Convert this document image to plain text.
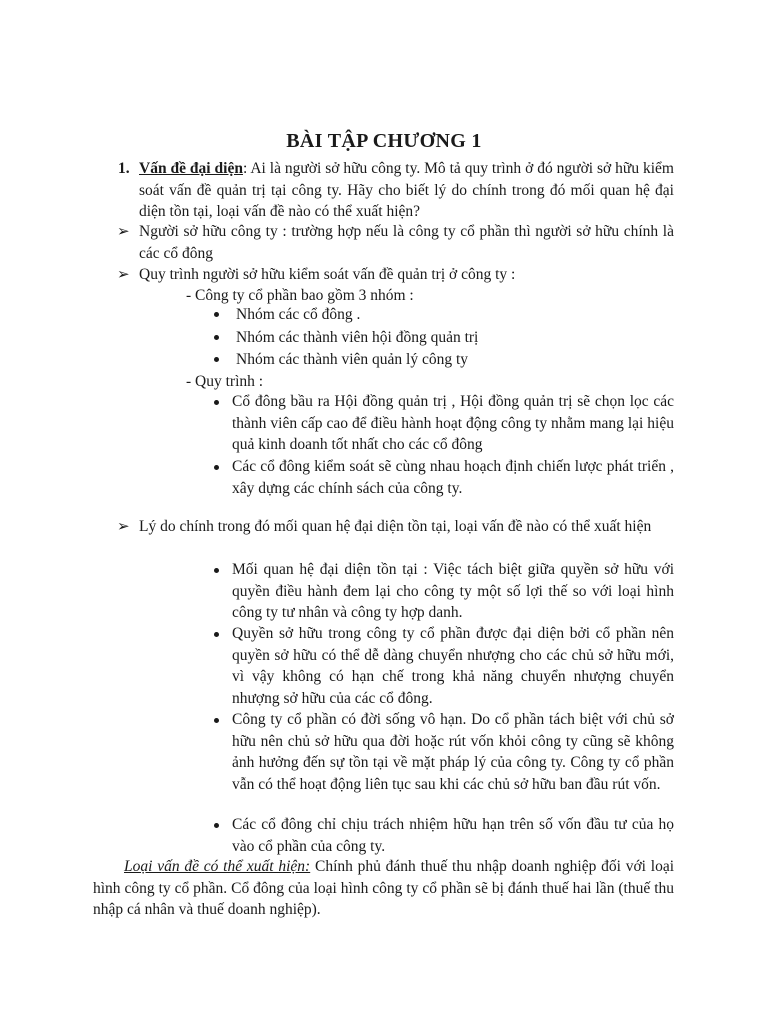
BÀI TẬP CHƯƠNG 1
1. Vấn đề đại diện: Ai là người sở hữu công ty. Mô tả quy trình ở đó người sở hữu kiểm soát vấn đề quản trị tại công ty. Hãy cho biết lý do chính trong đó mối quan hệ đại diện tồn tại, loại vấn đề nào có thể xuất hiện?
➢ Người sở hữu công ty : trường hợp nếu là công ty cổ phần thì người sở hữu chính là các cổ đông
➢ Quy trình người sở hữu kiểm soát vấn đề quản trị ở công ty :
- Công ty cổ phần bao gồm 3 nhóm :
Nhóm các cổ đông .
Nhóm các thành viên hội đồng quản trị
Nhóm các thành viên quản lý công ty
- Quy trình :
Cổ đông bầu ra Hội đồng quản trị , Hội đồng quản trị sẽ chọn lọc các thành viên cấp cao để điều hành hoạt động công ty nhằm mang lại hiệu quả kinh doanh tốt nhất cho các cổ đông
Các cổ đông kiểm soát sẽ cùng nhau hoạch định chiến lược phát triển , xây dựng các chính sách của công ty.
➢ Lý do chính trong đó mối quan hệ đại diện tồn tại, loại vấn đề nào có thể xuất hiện
Mối quan hệ đại diện tồn tại : Việc tách biệt giữa quyền sở hữu với quyền điều hành đem lại cho công ty một số lợi thế so với loại hình công ty tư nhân và công ty hợp danh.
Quyền sở hữu trong công ty cổ phần được đại diện bởi cổ phần nên quyền sở hữu có thể dễ dàng chuyển nhượng cho các chủ sở hữu mới, vì vậy không có hạn chế trong khả năng chuyển nhượng chuyển nhượng sở hữu của các cổ đông.
Công ty cổ phần có đời sống vô hạn. Do cổ phần tách biệt với chủ sở hữu nên chủ sở hữu qua đời hoặc rút vốn khỏi công ty cũng sẽ không ảnh hưởng đến sự tồn tại về mặt pháp lý của công ty. Công ty cổ phần vẫn có thể hoạt động liên tục sau khi các chủ sở hữu ban đầu rút vốn.
Các cổ đông chỉ chịu trách nhiệm hữu hạn trên số vốn đầu tư của họ vào cổ phần của công ty.
Loại vấn đề có thể xuất hiện: Chính phủ đánh thuế thu nhập doanh nghiệp đối với loại hình công ty cổ phần. Cổ đông của loại hình công ty cổ phần sẽ bị đánh thuế hai lần (thuế thu nhập cá nhân và thuế doanh nghiệp).
